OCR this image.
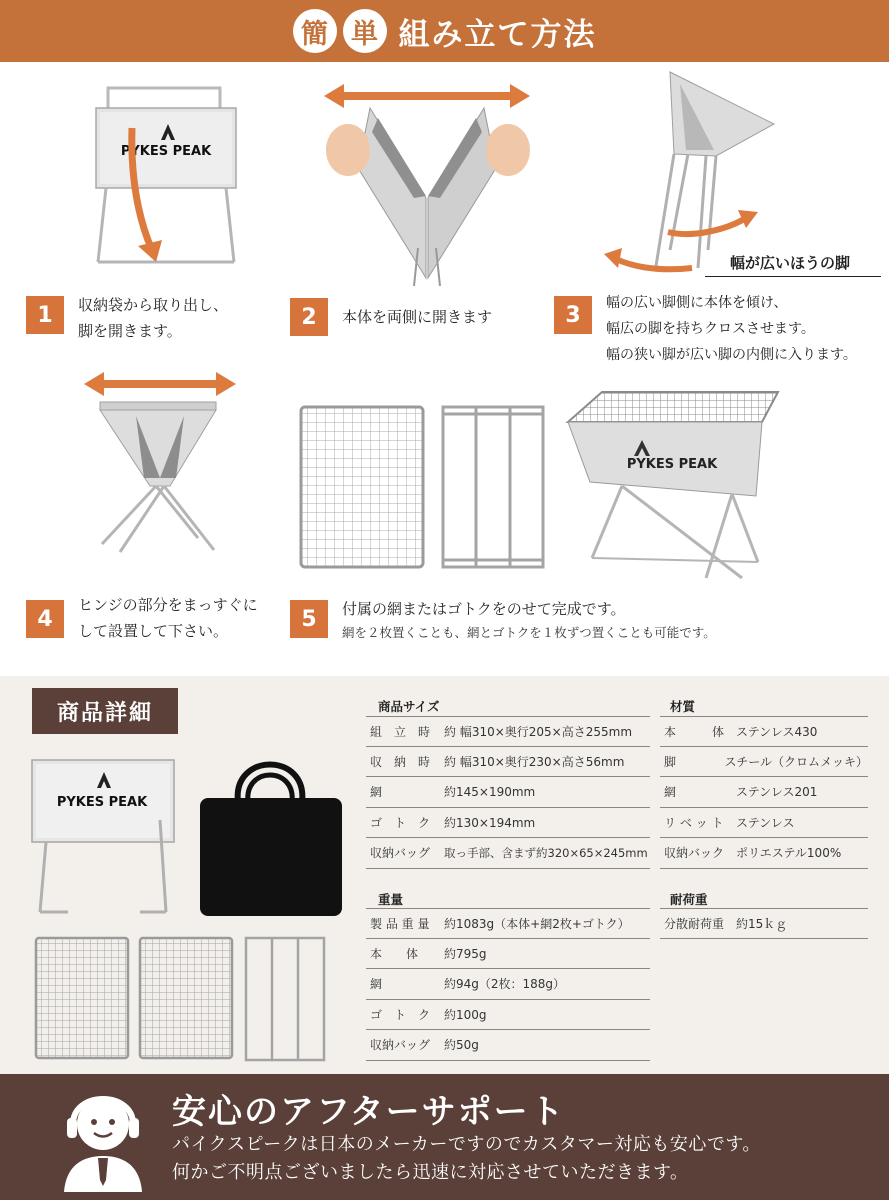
簡 単 組み立て方法
PYKES PEAK
幅が広いほうの脚
PYKES PEAK
1	収納袋から取り出し、
脚を開きます。
2	本体を両側に開きます	3	幅の広い脚側に本体を傾け、
幅広の脚を持ちクロスさせます。
幅の狭い脚が広い脚の内側に入ります。
4
ヒンジの部分をまっすぐに
して設置して下さい。	5	付属の網またはゴトクをのせて完成です。
網を２枚置くことも、網とゴトクを１枚ずつ置くことも可能です。
商品詳細
PYKES PEAK
商品サイズ
組　立　時	約 幅310×奥行205×高さ255mm
収　納　時	約 幅310×奥行230×高さ56mm
網	約145×190mm
ゴ　ト　ク	約130×194mm
収納バッグ	取っ手部、含まず約320×65×245mm
重量
製 品 重 量	約1083g（本体+網2枚+ゴトク）
本　　体	約795g
網	約94g（2枚：188g）
ゴ　ト　ク	約100g
収納バッグ	約50g
材質
本　　　体 ステンレス430
脚	スチール（クロムメッキ）
網	ステンレス201
リ ベ ッ ト	ステンレス
収納バック ポリエステル100%
耐荷重
分散耐荷重 約15ｋｇ
安心のアフターサポート
パイクスピークは日本のメーカーですのでカスタマー対応も安心です。
何かご不明点ございましたら迅速に対応させていただきます。
